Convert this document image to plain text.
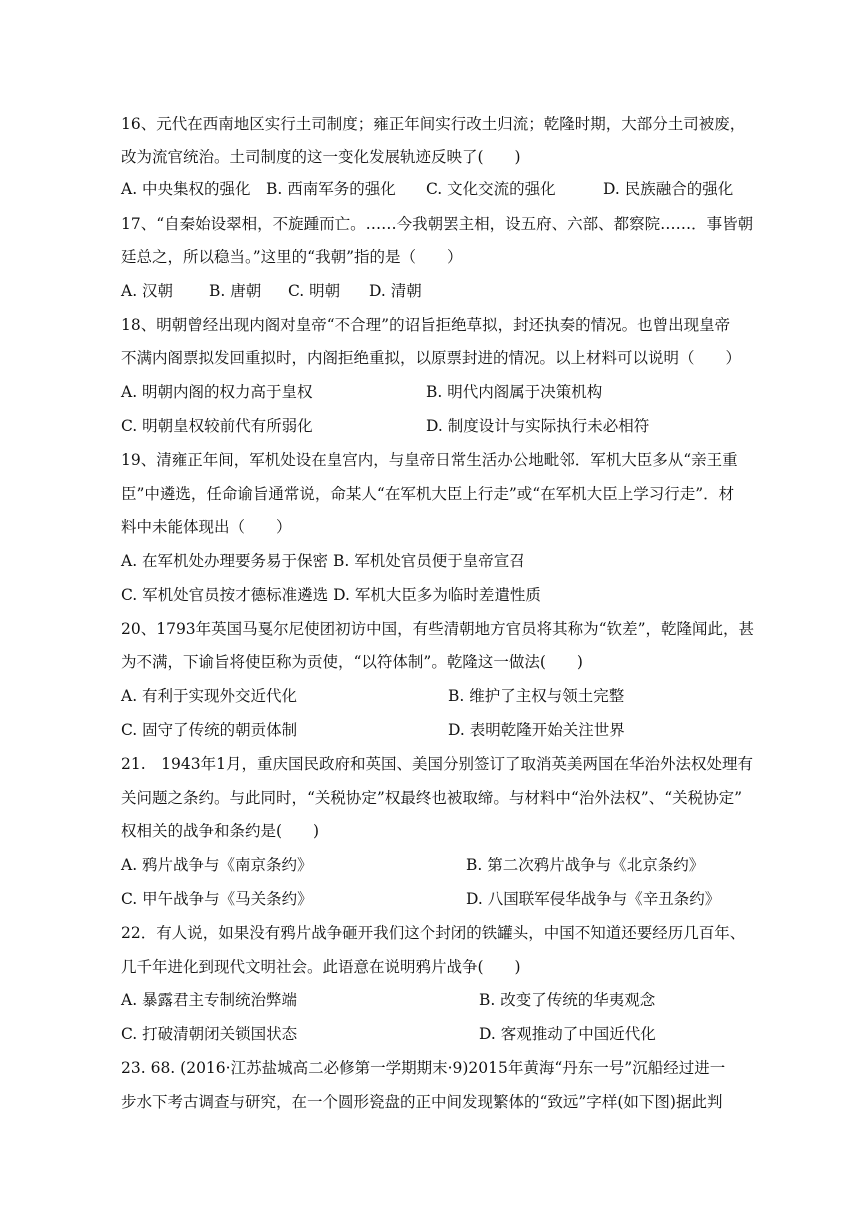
16、元代在西南地区实行土司制度；雍正年间实行改土归流；乾隆时期，大部分土司被废，
改为流官统治。土司制度的这一变化发展轨迹反映了(　　)
A. 中央集权的强化 B. 西南军务的强化 C. 文化交流的强化	D. 民族融合的强化
17、“自秦始设翠相，不旋踵而亡。……今我朝罢主相，设五府、六部、都察院……．事皆朝
廷总之，所以稳当。”这里的“我朝”指的是（　　）
A. 汉朝 B. 唐朝 C. 明朝 D. 清朝
18、明朝曾经出现内阁对皇帝“不合理”的诏旨拒绝草拟，封还执奏的情况。也曾出现皇帝
不满内阁票拟发回重拟时，内阁拒绝重拟，以原票封进的情况。以上材料可以说明（　　）
A. 明朝内阁的权力高于皇权	B. 明代内阁属于决策机构
C. 明朝皇权较前代有所弱化	D. 制度设计与实际执行未必相符
19、清雍正年间，军机处设在皇宫内，与皇帝日常生活办公地毗邻．军机大臣多从“亲王重
臣”中遴选，任命谕旨通常说，命某人“在军机大臣上行走”或“在军机大臣上学习行走”．材
料中未能体现出（　　）
A. 在军机处办理要务易于保密 B. 军机处官员便于皇帝宣召
C. 军机处官员按才德标准遴选 D. 军机大臣多为临时差遣性质
20、1793年英国马戛尔尼使团初访中国，有些清朝地方官员将其称为“钦差”，乾隆闻此，甚
为不满，下谕旨将使臣称为贡使，“以符体制”。乾隆这一做法(　　)
A. 有利于实现外交近代化	B. 维护了主权与领土完整
C. 固守了传统的朝贡体制	D. 表明乾隆开始关注世界
21.　1943年1月，重庆国民政府和英国、美国分别签订了取消英美两国在华治外法权处理有
关问题之条约。与此同时，“关税协定”权最终也被取缔。与材料中“治外法权”、“关税协定”
权相关的战争和条约是(　　)
A. 鸦片战争与《南京条约》	B. 第二次鸦片战争与《北京条约》
C. 甲午战争与《马关条约》	D. 八国联军侵华战争与《辛丑条约》
22．有人说，如果没有鸦片战争砸开我们这个封闭的铁罐头，中国不知道还要经历几百年、
几千年进化到现代文明社会。此语意在说明鸦片战争(　　)
A. 暴露君主专制统治弊端	B. 改变了传统的华夷观念
C. 打破清朝闭关锁国状态	D. 客观推动了中国近代化
23. 68. (2016·江苏盐城高二必修第一学期期末·9)2015年黄海“丹东一号”沉船经过进一
步水下考古调查与研究，在一个圆形瓷盘的正中间发现繁体的“致远”字样(如下图)据此判
